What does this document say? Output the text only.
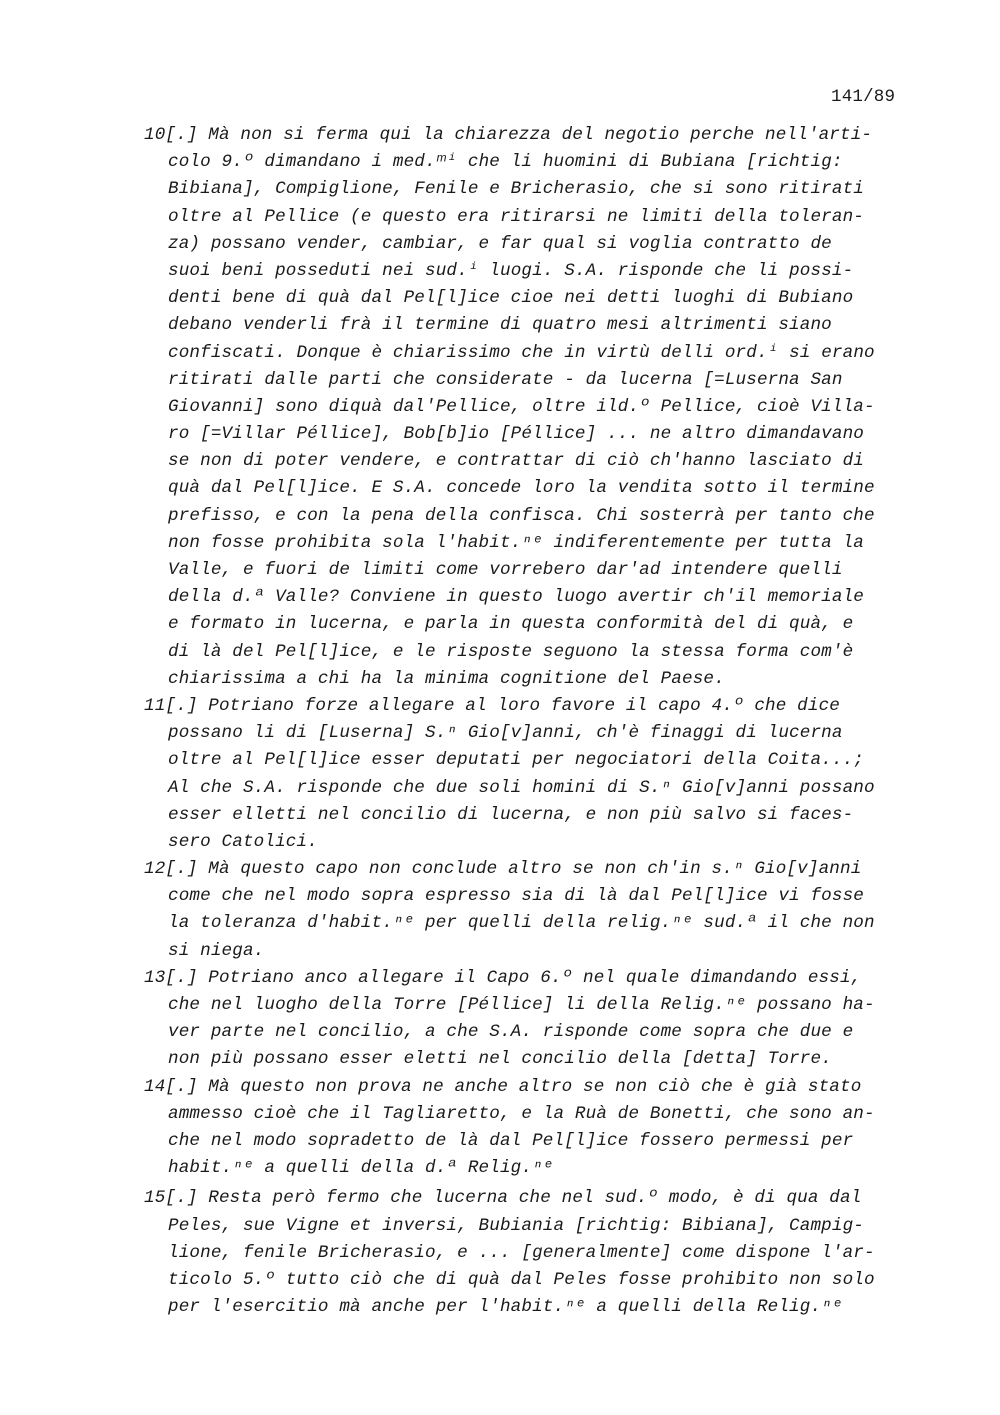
141/89
10[.] Mà non si ferma qui la chiarezza del negotio perche nell'arti-
colo 9.º dimandano i med.ᵐⁱ che li huomini di Bubiana [richtig:
Bibiana], Compiglione, Fenile e Bricherasio, che si sono ritirati
oltre al Pellice (e questo era ritirarsi ne limiti della toleran-
za) possano vender, cambiar, e far qual si voglia contratto de
suoi beni posseduti nei sud.ⁱ luogi. S.A. risponde che li possi-
denti bene di quà dal Pel[l]ice cioe nei detti luoghi di Bubiano
debano venderli frà il termine di quatro mesi altrimenti siano
confiscati. Donque è chiarissimo che in virtù delli ord.ⁱ si erano
ritirati dalle parti che considerate - da lucerna [=Luserna San
Giovanni] sono diquà dal'Pellice, oltre ild.º Pellice, cioè Villa-
ro [=Villar Péllice], Bob[b]io [Péllice] ... ne altro dimandavano
se non di poter vendere, e contrattar di ciò ch'hanno lasciato di
quà dal Pel[l]ice. E S.A. concede loro la vendita sotto il termine
prefisso, e con la pena della confisca. Chi sosterrà per tanto che
non fosse prohibita sola l'habit.ⁿᵉ indiferentemente per tutta la
Valle, e fuori de limiti come vorrebero dar'ad intendere quelli
della d.ª Valle? Conviene in questo luogo avertir ch'il memoriale
e formato in lucerna, e parla in questa conformità del di quà, e
di là del Pel[l]ice, e le risposte seguono la stessa forma com'è
chiarissima a chi ha la minima cognitione del Paese.
11[.] Potriano forze allegare al loro favore il capo 4.º che dice
possano li di [Luserna] S.ⁿ Gio[v]anni, ch'è finaggi di lucerna
oltre al Pel[l]ice esser deputati per negociatori della Coita...;
Al che S.A. risponde che due soli homini di S.ⁿ Gio[v]anni possano
esser elletti nel concilio di lucerna, e non più salvo si faces-
sero Catolici.
12[.] Mà questo capo non conclude altro se non ch'in s.ⁿ Gio[v]anni
come che nel modo sopra espresso sia di là dal Pel[l]ice vi fosse
la toleranza d'habit.ⁿᵉ per quelli della relig.ⁿᵉ sud.ª il che non
si niega.
13[.] Potriano anco allegare il Capo 6.º nel quale dimandando essi,
che nel luogho della Torre [Péllice] li della Relig.ⁿᵉ possano ha-
ver parte nel concilio, a che S.A. risponde come sopra che due e
non più possano esser eletti nel concilio della [detta] Torre.
14[.] Mà questo non prova ne anche altro se non ciò che è già stato
ammesso cioè che il Tagliaretto, e la Ruà de Bonetti, che sono an-
che nel modo sopradetto de là dal Pel[l]ice fossero permessi per
habit.ⁿᵉ a quelli della d.ª Relig.ⁿᵉ
15[.] Resta però fermo che lucerna che nel sud.º modo, è di qua dal
Peles, sue Vigne et inversi, Bubiania [richtig: Bibiana], Campig-
lione, fenile Bricherasio, e ... [generalmente] come dispone l'ar-
ticolo 5.º tutto ciò che di quà dal Peles fosse prohibito non solo
per l'esercitio mà anche per l'habit.ⁿᵉ a quelli della Relig.ⁿᵉ
